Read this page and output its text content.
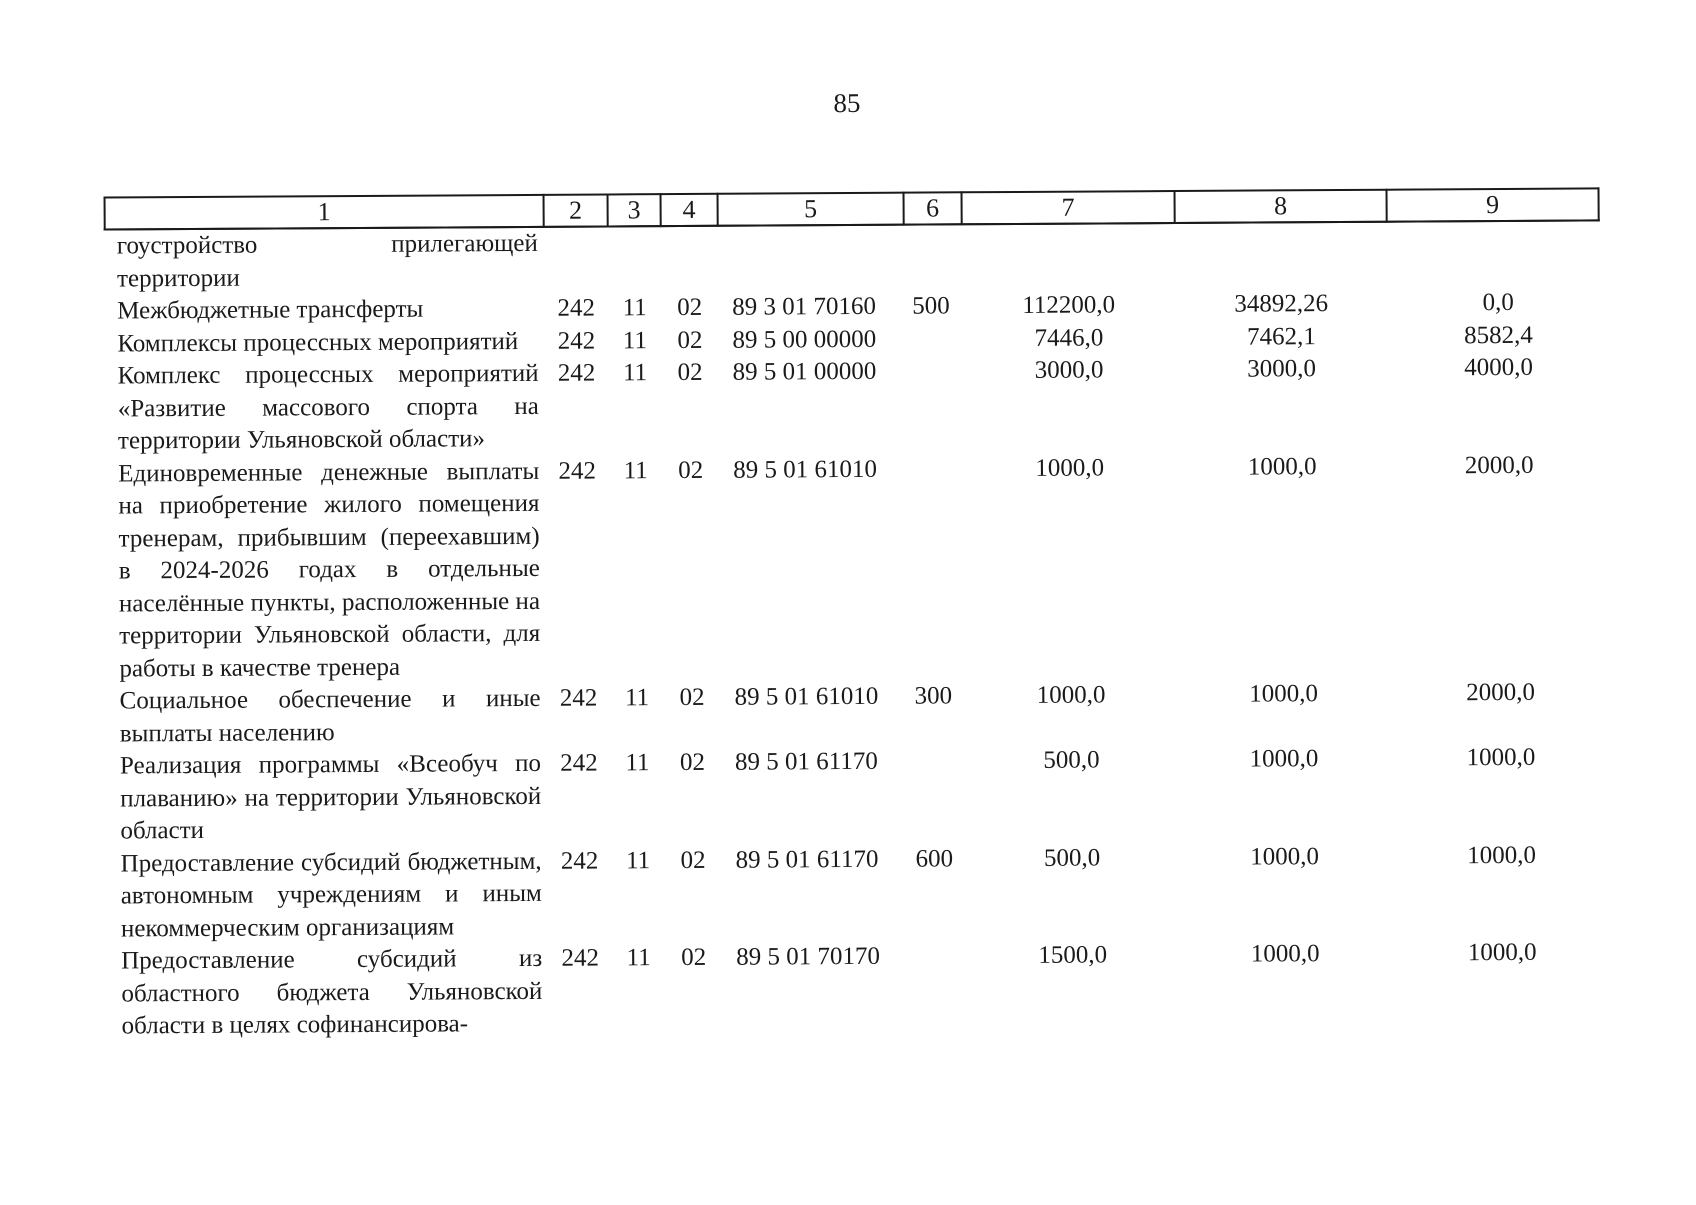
85
1	2	3	4	5	6	7	8	9
гоустройство прилегающей территории								
Межбюджетные трансферты	242	11	02	89 3 01 70160	500	112200,0	34892,26	0,0
Комплексы процессных мероприятий	242	11	02	89 5 00 00000		7446,0	7462,1	8582,4
Комплекс процессных мероприятий «Развитие массового спорта на территории Ульяновской области»	242	11	02	89 5 01 00000		3000,0	3000,0	4000,0
Единовременные денежные выплаты на приобретение жилого помещения тренерам, прибывшим (переехавшим) в 2024-2026 годах в отдельные населённые пункты, расположенные на территории Ульяновской области, для работы в качестве тренера	242	11	02	89 5 01 61010		1000,0	1000,0	2000,0
Социальное обеспечение и иные выплаты населению	242	11	02	89 5 01 61010	300	1000,0	1000,0	2000,0
Реализация программы «Всеобуч по плаванию» на территории Ульяновской области	242	11	02	89 5 01 61170		500,0	1000,0	1000,0
Предоставление субсидий бюджетным, автономным учреждениям и иным некоммерческим организациям	242	11	02	89 5 01 61170	600	500,0	1000,0	1000,0
Предоставление субсидий из областного бюджета Ульяновской области в целях софинансирова-	242	11	02	89 5 01 70170		1500,0	1000,0	1000,0
